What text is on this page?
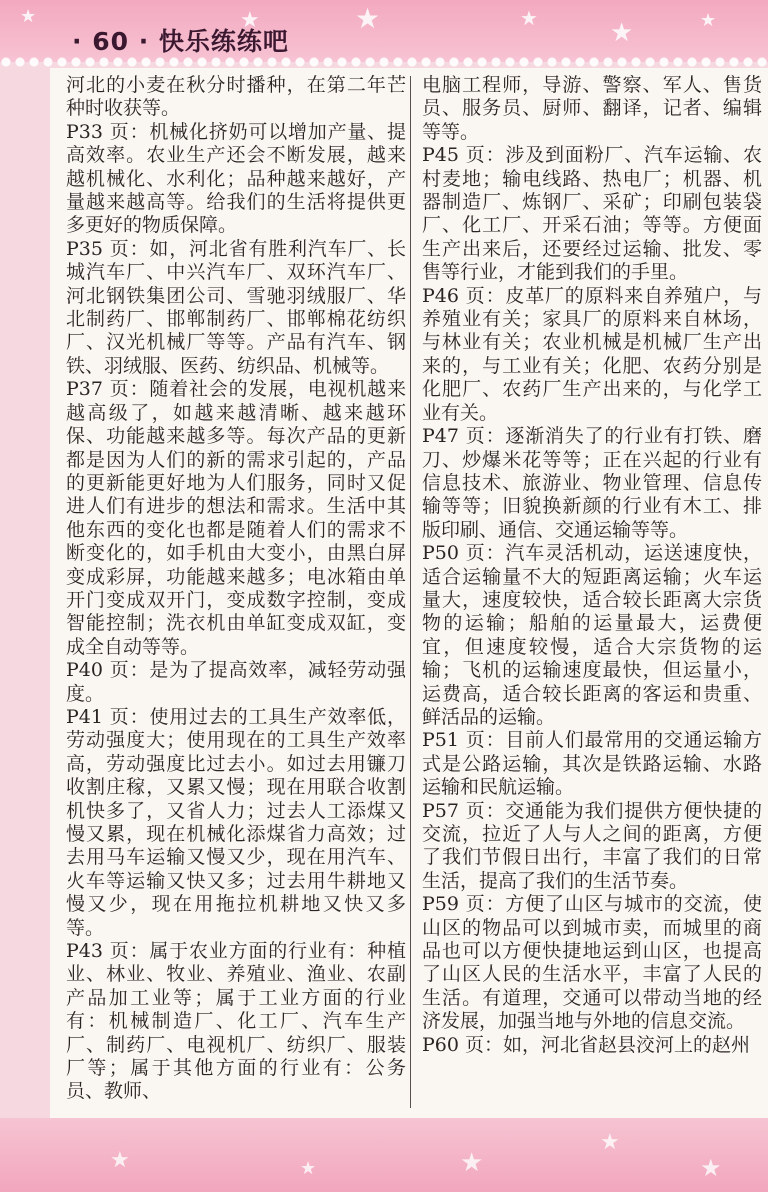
· 60 · 快乐练练吧
★	★	★	★	★	★

河北的小麦在秋分时播种，在第二年芒种时收获等。

P33 页：机械化挤奶可以增加产量、提高效率。农业生产还会不断发展，越来越机械化、水利化；品种越来越好，产量越来越高等。给我们的生活将提供更多更好的物质保障。

P35 页：如，河北省有胜利汽车厂、长城汽车厂、中兴汽车厂、双环汽车厂、河北钢铁集团公司、雪驰羽绒服厂、华北制药厂、邯郸制药厂、邯郸棉花纺织厂、汉光机械厂等等。产品有汽车、钢铁、羽绒服、医药、纺织品、机械等。

P37 页：随着社会的发展，电视机越来越高级了，如越来越清晰、越来越环保、功能越来越多等。每次产品的更新都是因为人们的新的需求引起的，产品的更新能更好地为人们服务，同时又促进人们有进步的想法和需求。生活中其他东西的变化也都是随着人们的需求不断变化的，如手机由大变小，由黑白屏变成彩屏，功能越来越多；电冰箱由单开门变成双开门，变成数字控制，变成智能控制；洗衣机由单缸变成双缸，变成全自动等等。

P40 页：是为了提高效率，减轻劳动强度。

P41 页：使用过去的工具生产效率低，劳动强度大；使用现在的工具生产效率高，劳动强度比过去小。如过去用镰刀收割庄稼，又累又慢；现在用联合收割机快多了，又省人力；过去人工添煤又慢又累，现在机械化添煤省力高效；过去用马车运输又慢又少，现在用汽车、火车等运输又快又多；过去用牛耕地又慢又少，现在用拖拉机耕地又快又多等。

P43 页：属于农业方面的行业有：种植业、林业、牧业、养殖业、渔业、农副产品加工业等；属于工业方面的行业有：机械制造厂、化工厂、汽车生产厂、制药厂、电视机厂、纺织厂、服装厂等；属于其他方面的行业有：公务员、教师、

电脑工程师，导游、警察、军人、售货员、服务员、厨师、翻译，记者、编辑等等。

P45 页：涉及到面粉厂、汽车运输、农村麦地；输电线路、热电厂；机器、机器制造厂、炼钢厂、采矿；印刷包装袋厂、化工厂、开采石油；等等。方便面生产出来后，还要经过运输、批发、零售等行业，才能到我们的手里。

P46 页：皮革厂的原料来自养殖户，与养殖业有关；家具厂的原料来自林场，与林业有关；农业机械是机械厂生产出来的，与工业有关；化肥、农药分别是化肥厂、农药厂生产出来的，与化学工业有关。

P47 页：逐渐消失了的行业有打铁、磨刀、炒爆米花等等；正在兴起的行业有信息技术、旅游业、物业管理、信息传输等等；旧貌换新颜的行业有木工、排版印刷、通信、交通运输等等。

P50 页：汽车灵活机动，运送速度快，适合运输量不大的短距离运输；火车运量大，速度较快，适合较长距离大宗货物的运输；船舶的运量最大，运费便宜，但速度较慢，适合大宗货物的运输；飞机的运输速度最快，但运量小，运费高，适合较长距离的客运和贵重、鲜活品的运输。

P51 页：目前人们最常用的交通运输方式是公路运输，其次是铁路运输、水路运输和民航运输。

P57 页：交通能为我们提供方便快捷的交流，拉近了人与人之间的距离，方便了我们节假日出行，丰富了我们的日常生活，提高了我们的生活节奏。

P59 页：方便了山区与城市的交流，使山区的物品可以到城市卖，而城里的商品也可以方便快捷地运到山区，也提高了山区人民的生活水平，丰富了人民的生活。有道理，交通可以带动当地的经济发展，加强当地与外地的信息交流。

P60 页：如，河北省赵县洨河上的赵州

★	★	★
★
★
